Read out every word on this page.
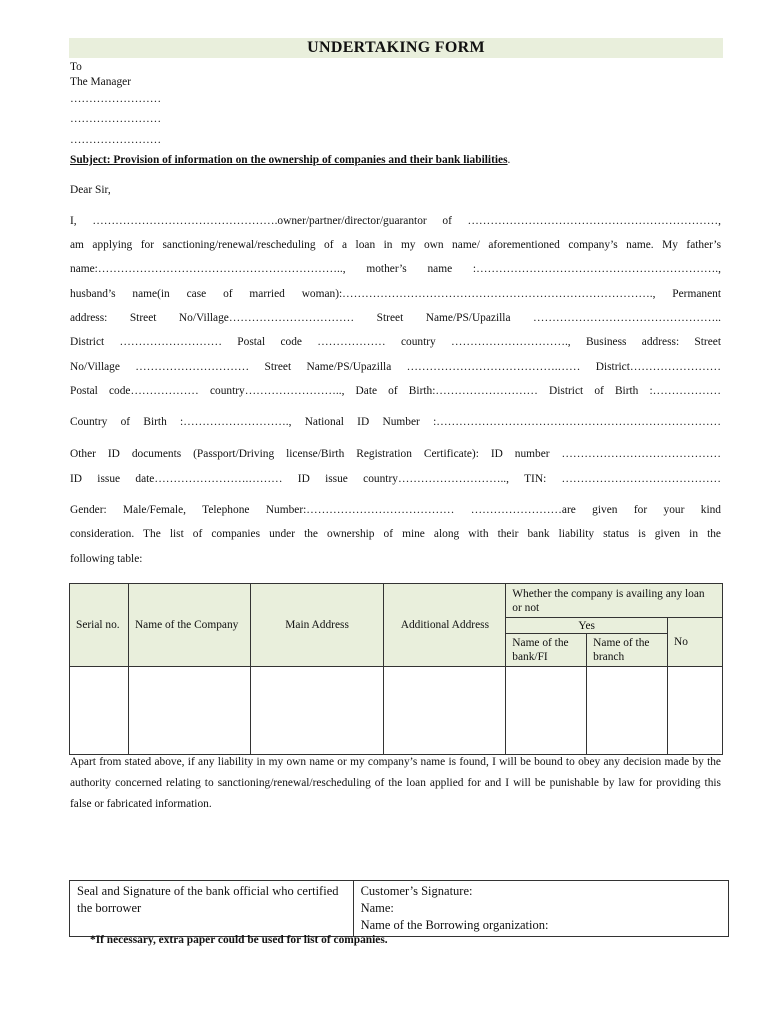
UNDERTAKING FORM
To
The Manager
……………………
……………………
……………………
Subject: Provision of information on the ownership of companies and their bank liabilities.
Dear Sir,
I, ………………………………………….owner/partner/director/guarantor of …………………………………………………………,
am applying for sanctioning/renewal/rescheduling of a loan in my own name/ aforementioned company’s name. My father’s
name:……………………………………………………….., mother’s name :……………………………………………………….,
husband’s name(in case of married woman):………………………………………………………………………., Permanent
address: Street No/Village…………………………… Street Name/PS/Upazilla …………………………………………..
District ……………………… Postal code ……………… country …………………………., Business address: Street
No/Village ………………………… Street Name/PS/Upazilla ………………………………….…… District……………………
Postal code……………… country…………………….., Date of Birth:……………………… District of Birth :………………
Country of Birth :………………………., National ID Number :…………………………………………………………………
Other ID documents (Passport/Driving license/Birth Registration Certificate): ID number ……………………………………
ID issue date…………………….……… ID issue country……………………….., TIN: ……………………………………
Gender: Male/Female, Telephone Number:………………………………… ……………………are given for your kind
consideration. The list of companies under the ownership of mine along with their bank liability status is given in the
following table:
Serial no.	Name of the Company	Main Address	Additional Address	Whether the company is availing any loan or not		
				Yes		No
				Name of the bank/FI	Name of the branch	

Apart from stated above, if any liability in my own name or my company’s name is found, I will be bound to obey any decision made by the authority concerned relating to sanctioning/renewal/rescheduling of the loan applied for and I will be punishable by law for providing this false or fabricated information.
Seal and Signature of the bank official who certified the borrower	
Customer’s Signature:
Name:
Name of the Borrowing organization:
*If necessary, extra paper could be used for list of companies.
